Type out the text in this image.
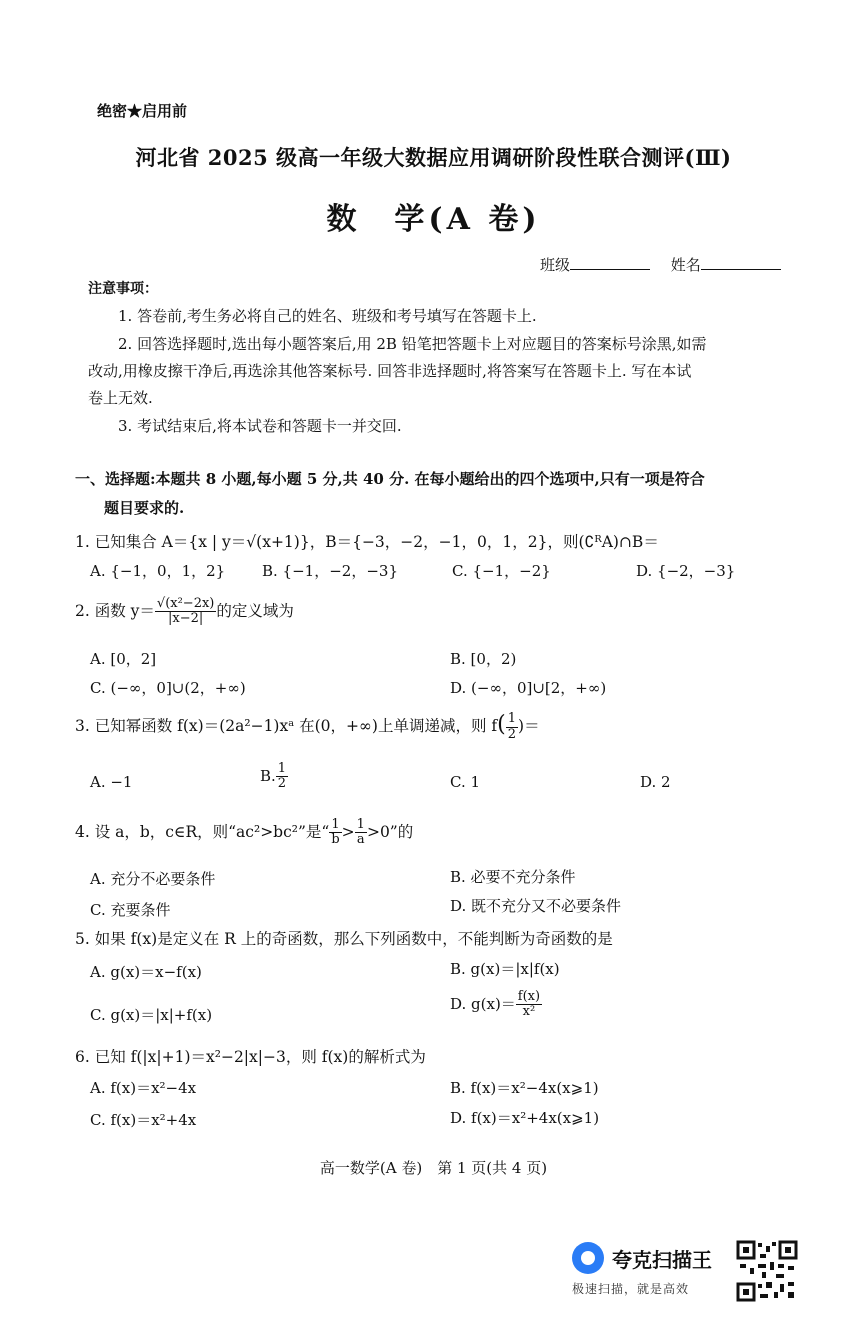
绝密★启用前
河北省 2025 级高一年级大数据应用调研阶段性联合测评(Ⅲ)
数　学(A 卷)
班级	姓名
注意事项：
1. 答卷前,考生务必将自己的姓名、班级和考号填写在答题卡上.
2. 回答选择题时,选出每小题答案后,用 2B 铅笔把答题卡上对应题目的答案标号涂黑,如需
改动,用橡皮擦干净后,再选涂其他答案标号. 回答非选择题时,将答案写在答题卡上. 写在本试
卷上无效.
3. 考试结束后,将本试卷和答题卡一并交回.
一、选择题:本题共 8 小题,每小题 5 分,共 40 分. 在每小题给出的四个选项中,只有一项是符合
题目要求的.
1. 已知集合 A＝{x | y＝√(x+1)}，B＝{−3，−2，−1，0，1，2}，则(∁ᴿA)∩B＝
A. {−1，0，1，2} B. {−1，−2，−3}	C. {−1，−2}	D. {−2，−3}
2. 函数 $y= \frac{\text{√(x²−2x)}}{|x-2|}$ 的定义域为
A. [0，2]	B. [0，2)
C. (−∞，0]∪(2，+∞)	D. (−∞，0]∪[2，+∞)
3. 已知幂函数 f(x)＝(2a²−1)xᵃ 在(0，+∞)上单调递减，则 $f( \frac{1}{2}$ )＝
A. −1	B. $\frac{1}{2}$	C. 1	D. 2
4. 设 a，b，c∈R，则“ac²>bc²”是“ $\frac{1}{b} > \frac{1}{a} >0$”的
A. 充分不必要条件	B. 必要不充分条件
C. 充要条件	D. 既不充分又不必要条件
5. 如果 f(x)是定义在 R 上的奇函数，那么下列函数中，不能判断为奇函数的是
A. g(x)＝x−f(x)	B. g(x)＝|x|f(x)
C. g(x)＝|x|+f(x)
D. $g(x)= \frac{f(x)}{\text{x²}}$
6. 已知 f(|x|+1)＝x²−2|x|−3，则 f(x)的解析式为
A. f(x)＝x²−4x	B. f(x)＝x²−4x(x⩾1)
C. f(x)＝x²+4x	D. f(x)＝x²+4x(x⩾1)
高一数学(A 卷)　第 1 页(共 4 页)
夸克扫描王
极速扫描，就是高效
